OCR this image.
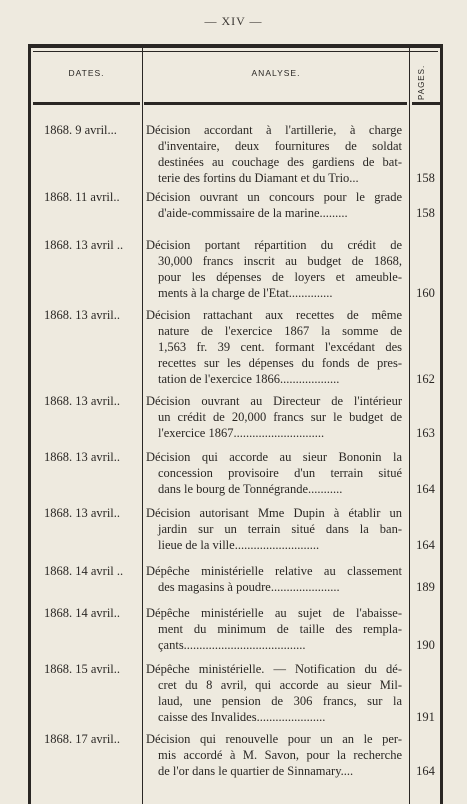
— XIV —
DATES.	ANALYSE.	PAGES.
1868. 9 avril...	Décision accordant à l'artillerie, à charge
d'inventaire, deux fournitures de soldat
destinées au couchage des gardiens de bat-
terie des fortins du Diamant et du Trio...	158
1868. 11 avril..	Décision ouvrant un concours pour le grade
d'aide-commissaire de la marine.........	158
1868. 13 avril ..	Décision portant répartition du crédit de
30,000 francs inscrit au budget de 1868,
pour les dépenses de loyers et ameuble-
ments à la charge de l'Etat..............	160
1868. 13 avril..	Décision rattachant aux recettes de même
nature de l'exercice 1867 la somme de
1,563 fr. 39 cent. formant l'excédant des
recettes sur les dépenses du fonds de pres-
tation de l'exercice 1866...................	162
1868. 13 avril..	Décision ouvrant au Directeur de l'intérieur
un crédit de 20,000 francs sur le budget de
l'exercice 1867.............................	163
1868. 13 avril..	Décision qui accorde au sieur Bononin la
concession provisoire d'un terrain situé
dans le bourg de Tonnégrande...........	164
1868. 13 avril..	Décision autorisant Mme Dupin à établir un
jardin sur un terrain situé dans la ban-
lieue de la ville...........................	164
1868. 14 avril ..	Dépêche ministérielle relative au classement
des magasins à poudre......................	189
1868. 14 avril..	Dépêche ministérielle au sujet de l'abaisse-
ment du minimum de taille des rempla-
çants.......................................	190
1868. 15 avril..	Dépêche ministérielle. — Notification du dé-
cret du 8 avril, qui accorde au sieur Mil-
laud, une pension de 306 francs, sur la
caisse des Invalides......................	191
1868. 17 avril..	Décision qui renouvelle pour un an le per-
mis accordé à M. Savon, pour la recherche
de l'or dans le quartier de Sinnamary....	164
